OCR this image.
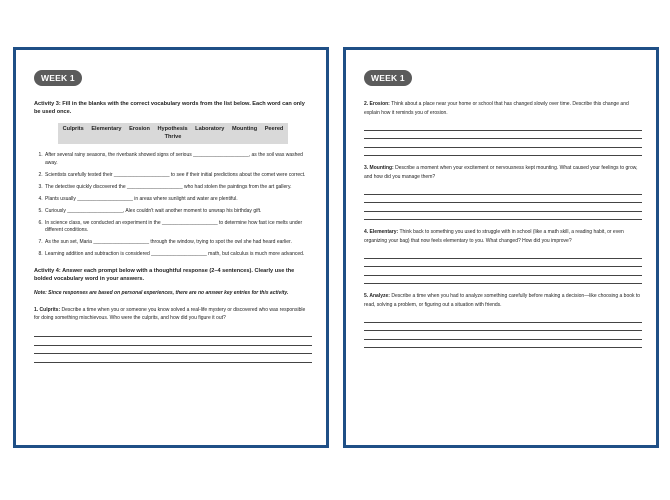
WEEK 1
Activity 3: Fill in the blanks with the correct vocabulary words from the list below. Each word can only be used once.
Culprits Elementary Erosion Hypothesis Laboratory Mounting Peered Thrive
1. After several rainy seasons, the riverbank showed signs of serious ____________________, as the soil was washed away.
2. Scientists carefully tested their ____________________ to see if their initial predictions about the comet were correct.
3. The detective quickly discovered the ____________________ who had stolen the paintings from the art gallery.
4. Plants usually ____________________ in areas where sunlight and water are plentiful.
5. Curiously ____________________, Alex couldn't wait another moment to unwrap his birthday gift.
6. In science class, we conducted an experiment in the ____________________ to determine how fast ice melts under different conditions.
7. As the sun set, Maria ____________________ through the window, trying to spot the owl she had heard earlier.
8. Learning addition and subtraction is considered ____________________ math, but calculus is much more advanced.
Activity 4: Answer each prompt below with a thoughtful response (2–4 sentences). Clearly use the bolded vocabulary word in your answers.
Note: Since responses are based on personal experiences, there are no answer key entries for this activity.
1. Culprits: Describe a time when you or someone you know solved a real-life mystery or discovered who was responsible for doing something mischievous. Who were the culprits, and how did you figure it out?
WEEK 1
2. Erosion: Think about a place near your home or school that has changed slowly over time. Describe this change and explain how it reminds you of erosion.
3. Mounting: Describe a moment when your excitement or nervousness kept mounting. What caused your feelings to grow, and how did you manage them?
4. Elementary: Think back to something you used to struggle with in school (like a math skill, a reading habit, or even organizing your bag) that now feels elementary to you. What changed? How did you improve?
5. Analyze: Describe a time when you had to analyze something carefully before making a decision—like choosing a book to read, solving a problem, or figuring out a situation with friends.
